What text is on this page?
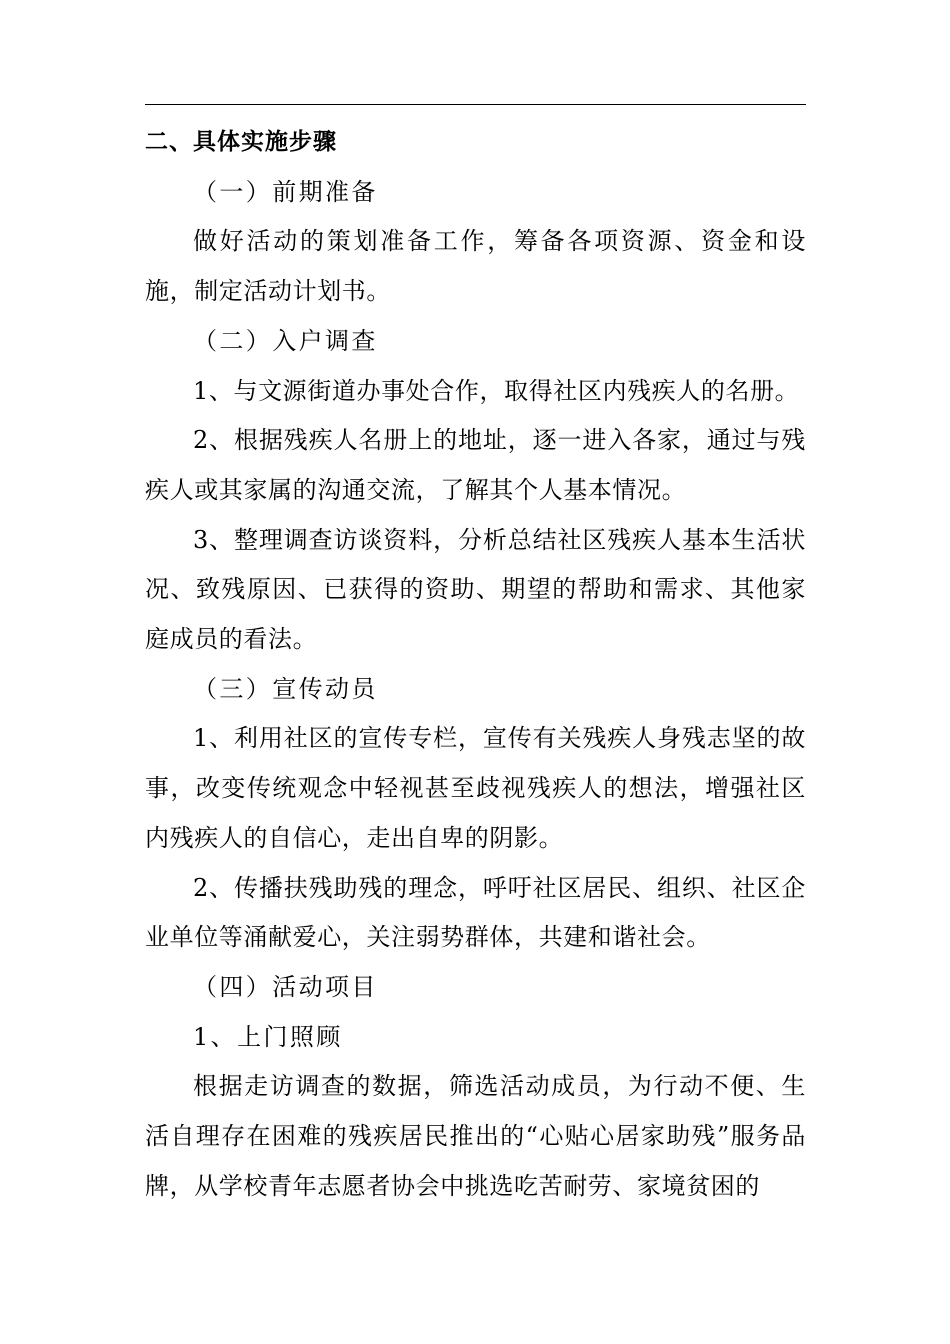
二、具体实施步骤

（一）前期准备

做好活动的策划准备工作，筹备各项资源、资金和设施，制定活动计划书。

（二）入户调查

1、与文源街道办事处合作，取得社区内残疾人的名册。

2、根据残疾人名册上的地址，逐一进入各家，通过与残疾人或其家属的沟通交流，了解其个人基本情况。

3、整理调查访谈资料，分析总结社区残疾人基本生活状况、致残原因、已获得的资助、期望的帮助和需求、其他家庭成员的看法。

（三）宣传动员

1、利用社区的宣传专栏，宣传有关残疾人身残志坚的故事，改变传统观念中轻视甚至歧视残疾人的想法，增强社区内残疾人的自信心，走出自卑的阴影。

2、传播扶残助残的理念，呼吁社区居民、组织、社区企业单位等涌献爱心，关注弱势群体，共建和谐社会。

（四）活动项目

1、上门照顾

根据走访调查的数据，筛选活动成员，为行动不便、生活自理存在困难的残疾居民推出的“心贴心居家助残”服务品牌，从学校青年志愿者协会中挑选吃苦耐劳、家境贫困的
